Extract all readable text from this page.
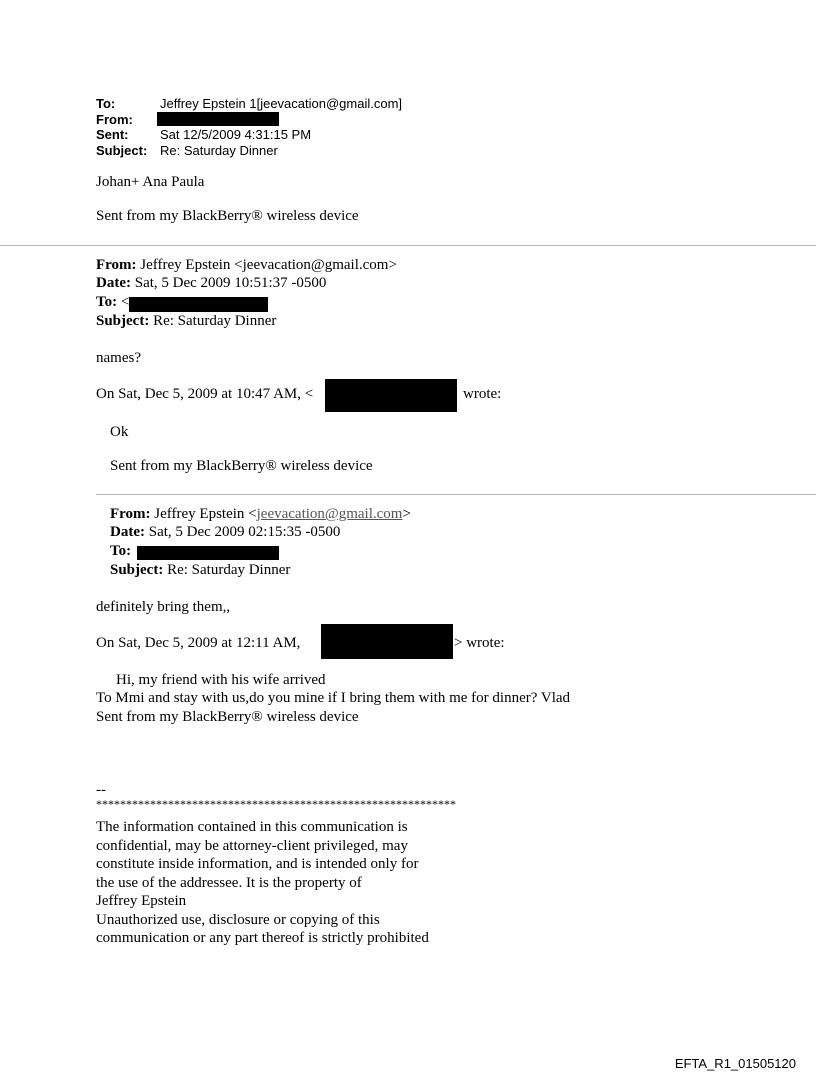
To:	Jeffrey Epstein 1[jeevacation@gmail.com]
From:
Sent: Sat 12/5/2009 4:31:15 PM
Subject: Re: Saturday Dinner
Johan+ Ana Paula
Sent from my BlackBerry® wireless device
From: Jeffrey Epstein <jeevacation@gmail.com>
Date: Sat, 5 Dec 2009 10:51:37 -0500
To: <
Subject: Re: Saturday Dinner
names?
On Sat, Dec 5, 2009 at 10:47 AM, <	wrote:
Ok
Sent from my BlackBerry® wireless device
From: Jeffrey Epstein <jeevacation@gmail.com>
Date: Sat, 5 Dec 2009 02:15:35 -0500
To:
Subject: Re: Saturday Dinner
definitely bring them,,
On Sat, Dec 5, 2009 at 12:11 AM,	> wrote:
Hi, my friend with his wife arrived
To Mmi and stay with us,do you mine if I bring them with me for dinner? Vlad
Sent from my BlackBerry® wireless device
--
************************************************************
The information contained in this communication is
confidential, may be attorney-client privileged, may
constitute inside information, and is intended only for
the use of the addressee. It is the property of
Jeffrey Epstein
Unauthorized use, disclosure or copying of this
communication or any part thereof is strictly prohibited
EFTA_R1_01505120
